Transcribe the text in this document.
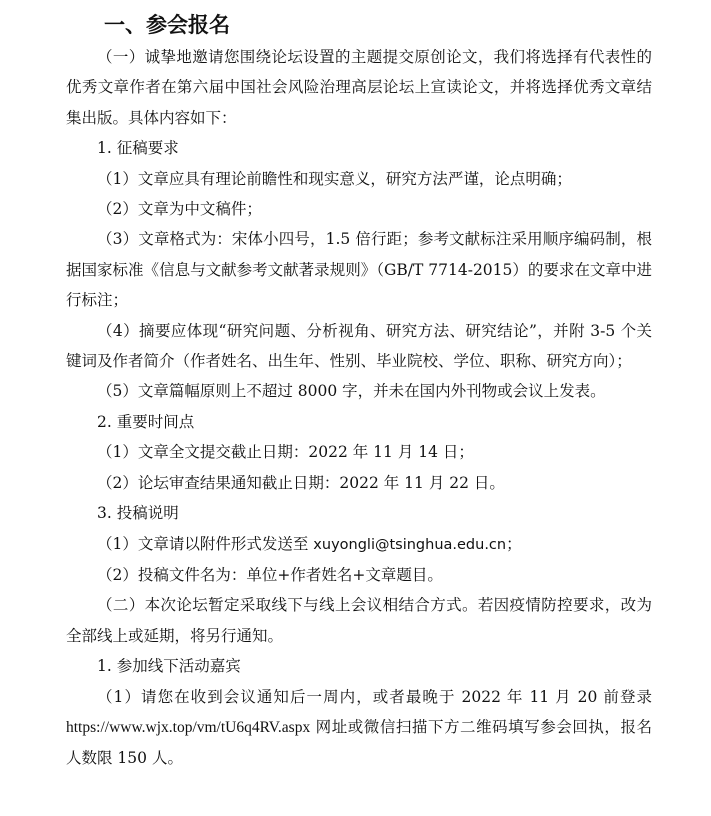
一、参会报名

（一）诚挚地邀请您围绕论坛设置的主题提交原创论文，我们将选择有代表性的优秀文章作者在第六届中国社会风险治理高层论坛上宣读论文，并将选择优秀文章结集出版。具体内容如下：

1. 征稿要求

（1）文章应具有理论前瞻性和现实意义，研究方法严谨，论点明确；

（2）文章为中文稿件；

（3）文章格式为：宋体小四号，1.5 倍行距；参考文献标注采用顺序编码制，根据国家标准《信息与文献参考文献著录规则》（GB/T 7714-2015）的要求在文章中进行标注；

（4）摘要应体现“研究问题、分析视角、研究方法、研究结论”，并附 3-5 个关键词及作者简介（作者姓名、出生年、性别、毕业院校、学位、职称、研究方向）；

（5）文章篇幅原则上不超过 8000 字，并未在国内外刊物或会议上发表。

2. 重要时间点

（1）文章全文提交截止日期：2022 年 11 月 14 日；

（2）论坛审查结果通知截止日期：2022 年 11 月 22 日。

3. 投稿说明

（1）文章请以附件形式发送至 xuyongli@tsinghua.edu.cn；

（2）投稿文件名为：单位+作者姓名+文章题目。

（二）本次论坛暂定采取线下与线上会议相结合方式。若因疫情防控要求，改为全部线上或延期，将另行通知。

1. 参加线下活动嘉宾

（1）请您在收到会议通知后一周内，或者最晚于 2022 年 11 月 20 前登录https://www.wjx.top/vm/tU6q4RV.aspx 网址或微信扫描下方二维码填写参会回执，报名人数限 150 人。
